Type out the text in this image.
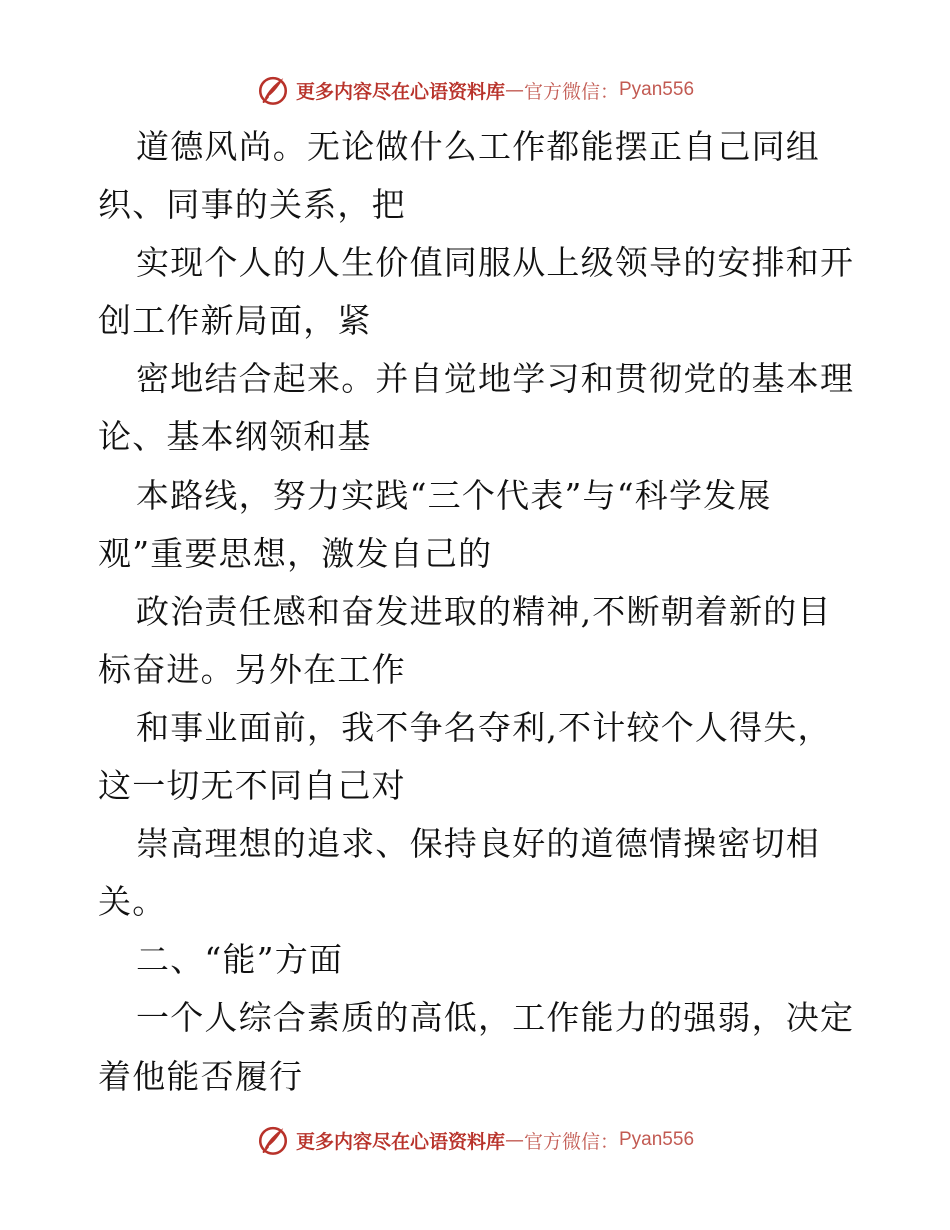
更多内容尽在心语资料库 — 官方微信： Pyan556
道德风尚。无论做什么工作都能摆正自己同组
织、同事的关系，把
实现个人的人生价值同服从上级领导的安排和开
创工作新局面，紧
密地结合起来。并自觉地学习和贯彻党的基本理
论、基本纲领和基
本路线，努力实践“三个代表”与“科学发展
观”重要思想，激发自己的
政治责任感和奋发进取的精神,不断朝着新的目
标奋进。另外在工作
和事业面前，我不争名夺利,不计较个人得失，
这一切无不同自己对
崇高理想的追求、保持良好的道德情操密切相
关。
二、“能”方面
一个人综合素质的高低，工作能力的强弱，决定
着他能否履行
更多内容尽在心语资料库 — 官方微信： Pyan556
